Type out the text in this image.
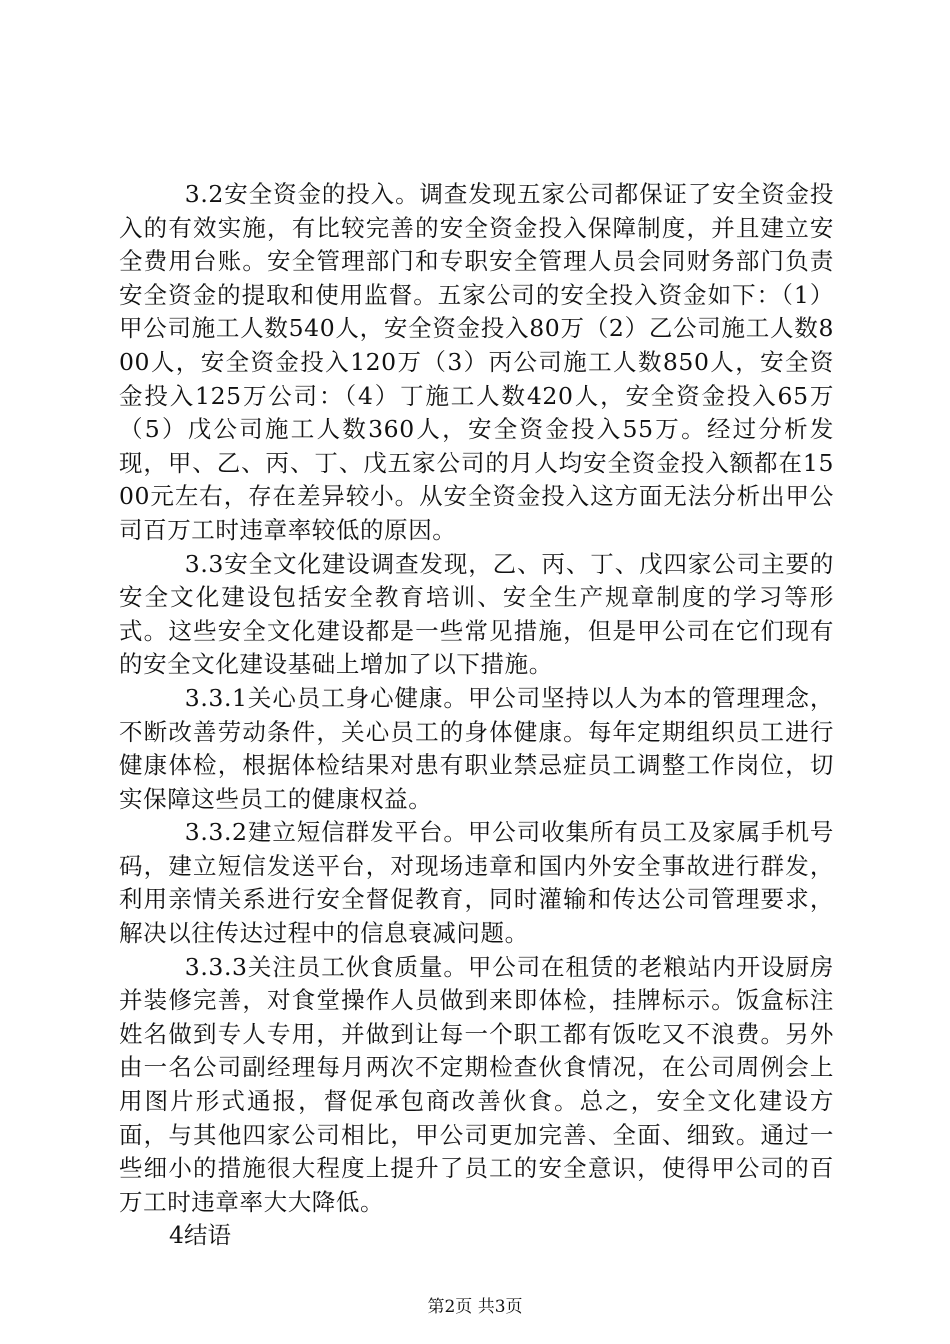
3.2安全资金的投入。调查发现五家公司都保证了安全资金投入的有效实施，有比较完善的安全资金投入保障制度，并且建立安全费用台账。安全管理部门和专职安全管理人员会同财务部门负责安全资金的提取和使用监督。五家公司的安全投入资金如下：（1）甲公司施工人数540人，安全资金投入80万（2）乙公司施工人数800人，安全资金投入120万（3）丙公司施工人数850人，安全资金投入125万公司：（4）丁施工人数420人，安全资金投入65万（5）戊公司施工人数360人，安全资金投入55万。经过分析发现，甲、乙、丙、丁、戊五家公司的月人均安全资金投入额都在1500元左右，存在差异较小。从安全资金投入这方面无法分析出甲公司百万工时违章率较低的原因。

3.3安全文化建设调查发现，乙、丙、丁、戊四家公司主要的安全文化建设包括安全教育培训、安全生产规章制度的学习等形式。这些安全文化建设都是一些常见措施，但是甲公司在它们现有的安全文化建设基础上增加了以下措施。

3.3.1关心员工身心健康。甲公司坚持以人为本的管理理念，不断改善劳动条件，关心员工的身体健康。每年定期组织员工进行健康体检，根据体检结果对患有职业禁忌症员工调整工作岗位，切实保障这些员工的健康权益。

3.3.2建立短信群发平台。甲公司收集所有员工及家属手机号码，建立短信发送平台，对现场违章和国内外安全事故进行群发，利用亲情关系进行安全督促教育，同时灌输和传达公司管理要求，解决以往传达过程中的信息衰减问题。

3.3.3关注员工伙食质量。甲公司在租赁的老粮站内开设厨房并装修完善，对食堂操作人员做到来即体检，挂牌标示。饭盒标注姓名做到专人专用，并做到让每一个职工都有饭吃又不浪费。另外由一名公司副经理每月两次不定期检查伙食情况，在公司周例会上用图片形式通报，督促承包商改善伙食。总之，安全文化建设方面，与其他四家公司相比，甲公司更加完善、全面、细致。通过一些细小的措施很大程度上提升了员工的安全意识，使得甲公司的百万工时违章率大大降低。

4结语

第2页 共3页
